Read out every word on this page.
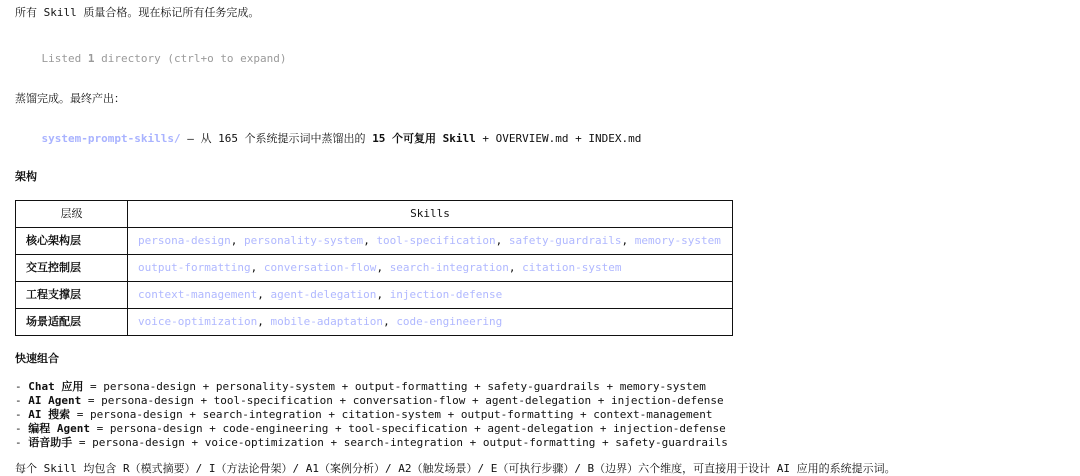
所有 Skill 质量合格。现在标记所有任务完成。

Listed 1 directory (ctrl+o to expand)

蒸馏完成。最终产出：

system-prompt-skills/ — 从 165 个系统提示词中蒸馏出的 15 个可复用 Skill + OVERVIEW.md + INDEX.md

架构
层级	Skills
核心架构层	persona-design, personality-system, tool-specification, safety-guardrails, memory-system
交互控制层	output-formatting, conversation-flow, search-integration, citation-system
工程支撑层	context-management, agent-delegation, injection-defense
场景适配层	voice-optimization, mobile-adaptation, code-engineering
快速组合
- Chat 应用 = persona-design + personality-system + output-formatting + safety-guardrails + memory-system
- AI Agent = persona-design + tool-specification + conversation-flow + agent-delegation + injection-defense
- AI 搜索 = persona-design + search-integration + citation-system + output-formatting + context-management
- 编程 Agent = persona-design + code-engineering + tool-specification + agent-delegation + injection-defense
- 语音助手 = persona-design + voice-optimization + search-integration + output-formatting + safety-guardrails
每个 Skill 均包含 R（模式摘要）/ I（方法论骨架）/ A1（案例分析）/ A2（触发场景）/ E（可执行步骤）/ B（边界）六个维度，可直接用于设计 AI 应用的系统提示词。
